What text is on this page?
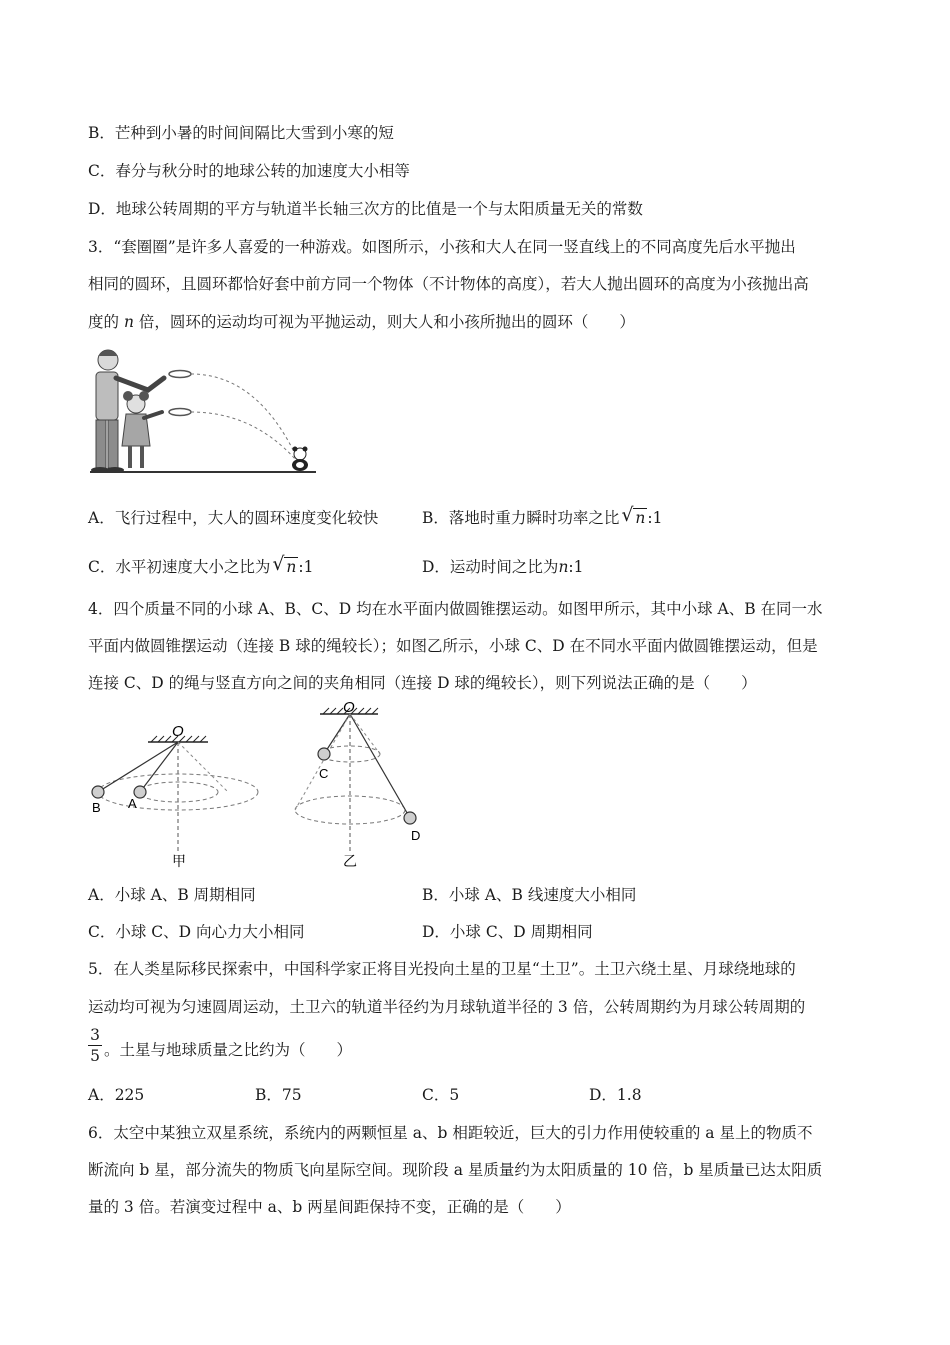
B．芒种到小暑的时间间隔比大雪到小寒的短
C．春分与秋分时的地球公转的加速度大小相等
D．地球公转周期的平方与轨道半长轴三次方的比值是一个与太阳质量无关的常数
3．“套圈圈”是许多人喜爱的一种游戏。如图所示，小孩和大人在同一竖直线上的不同高度先后水平抛出
相同的圆环，且圆环都恰好套中前方同一个物体（不计物体的高度），若大人抛出圆环的高度为小孩抛出高
度的 n 倍，圆环的运动均可视为平抛运动，则大人和小孩所抛出的圆环（　　）
A．飞行过程中，大人的圆环速度变化较快	B．落地时重力瞬时功率之比 √ n :1
C．水平初速度大小之比为 √ n :1	D．运动时间之比为n:1
4．四个质量不同的小球 A、B、C、D 均在水平面内做圆锥摆运动。如图甲所示，其中小球 A、B 在同一水
平面内做圆锥摆运动（连接 B 球的绳较长）；如图乙所示，小球 C、D 在不同水平面内做圆锥摆运动，但是
连接 C、D 的绳与竖直方向之间的夹角相同（连接 D 球的绳较长），则下列说法正确的是（　　）
O
B A
甲
O
C
D
乙
A．小球 A、B 周期相同	B．小球 A、B 线速度大小相同
C．小球 C、D 向心力大小相同	D．小球 C、D 周期相同
5．在人类星际移民探索中，中国科学家正将目光投向土星的卫星“土卫”。土卫六绕土星、月球绕地球的
运动均可视为匀速圆周运动，土卫六的轨道半径约为月球轨道半径的 3 倍，公转周期约为月球公转周期的
$\frac{3}{5}$ 。土星与地球质量之比约为（　　）
A．225	B．75	C．5	D．1.8
6．太空中某独立双星系统，系统内的两颗恒星 a、b 相距较近，巨大的引力作用使较重的 a 星上的物质不
断流向 b 星，部分流失的物质飞向星际空间。现阶段 a 星质量约为太阳质量的 10 倍，b 星质量已达太阳质
量的 3 倍。若演变过程中 a、b 两星间距保持不变，正确的是（　　）
